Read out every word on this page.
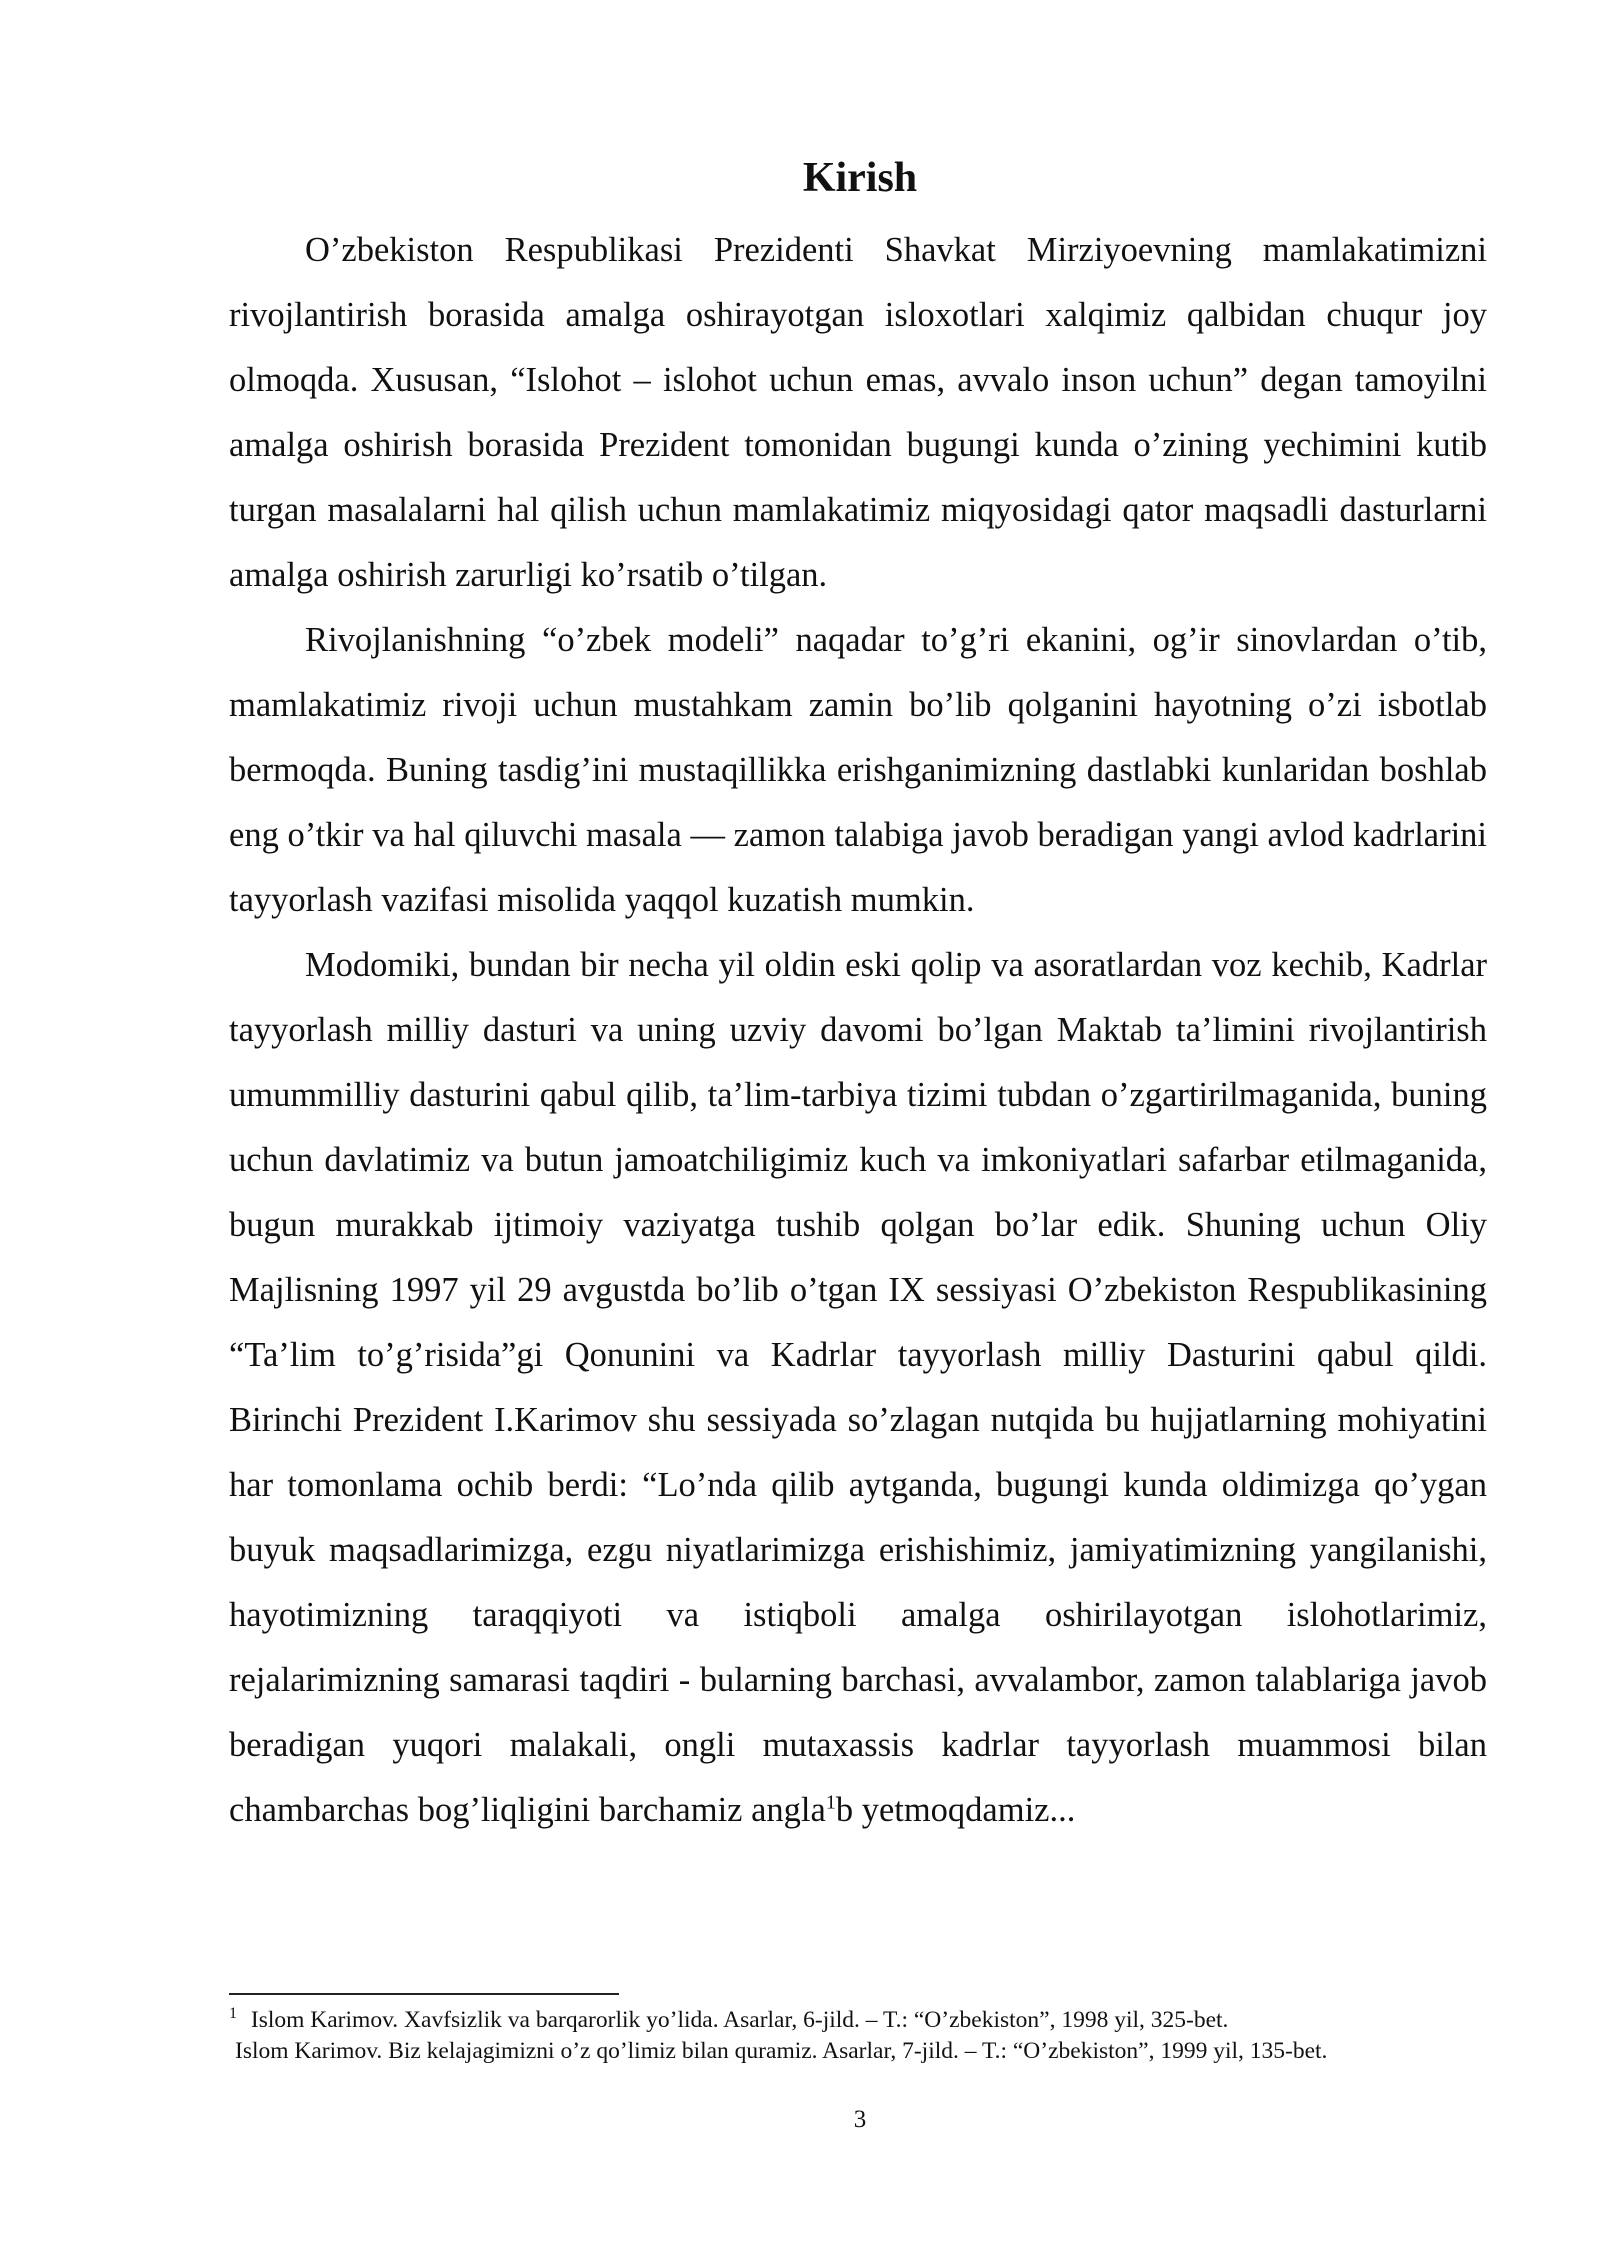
Kirish

O’zbekiston Respublikasi Prezidenti Shavkat Mirziyoevning mamlakatimizni rivojlantirish borasida amalga oshirayotgan isloxotlari xalqimiz qalbidan chuqur joy olmoqda. Xususan, “Islohot – islohot uchun emas, avvalo inson uchun” degan tamoyilni amalga oshirish borasida Prezident tomonidan bugungi kunda o’zining yechimini kutib turgan masalalarni hal qilish uchun mamlakatimiz miqyosidagi qator maqsadli dasturlarni amalga oshirish zarurligi ko’rsatib o’tilgan.

Rivojlanishning “o’zbek modeli” naqadar to’g’ri ekanini, og’ir sinovlardan o’tib, mamlakatimiz rivoji uchun mustahkam zamin bo’lib qolganini hayotning o’zi isbotlab bermoqda. Buning tasdig’ini mustaqillikka erishganimizning dastlabki kunlaridan boshlab eng o’tkir va hal qiluvchi masala — zamon talabiga javob beradigan yangi avlod kadrlarini tayyorlash vazifasi misolida yaqqol kuzatish mumkin.

Modomiki, bundan bir necha yil oldin eski qolip va asoratlardan voz kechib, Kadrlar tayyorlash milliy dasturi va uning uzviy davomi bo’lgan Maktab ta’limini rivojlantirish umummilliy dasturini qabul qilib, ta’lim-tarbiya tizimi tubdan o’zgartirilmaganida, buning uchun davlatimiz va butun jamoatchiligimiz kuch va imkoniyatlari safarbar etilmaganida, bugun murakkab ijtimoiy vaziyatga tushib qolgan bo’lar edik. Shuning uchun Oliy Majlisning 1997 yil 29 avgustda bo’lib o’tgan IX sessiyasi O’zbekiston Respublikasining “Ta’lim to’g’risida”gi Qonunini va Kadrlar tayyorlash milliy Dasturini qabul qildi. Birinchi Prezident I.Karimov shu sessiyada so’zlagan nutqida bu hujjatlarning mohiyatini har tomonlama ochib berdi: “Lo’nda qilib aytganda, bugungi kunda oldimizga qo’ygan buyuk maqsadlarimizga, ezgu niyatlarimizga erishishimiz, jamiyatimizning yangilanishi, hayotimizning taraqqiyoti va istiqboli amalga oshirilayotgan islohotlarimiz, rejalarimizning samarasi taqdiri - bularning barchasi, avvalambor, zamon talablariga javob beradigan yuqori malakali, ongli mutaxassis kadrlar tayyorlash muammosi bilan chambarchas bog’liqligini barchamiz angla$^1$b yetmoqdamiz...

$^1$ Islom Karimov. Xavfsizlik va barqarorlik yo’lida. Asarlar, 6-jild. – T.: “O’zbekiston”, 1998 yil, 325-bet.

Islom Karimov. Biz kelajagimizni o’z qo’limiz bilan quramiz. Asarlar, 7-jild. – T.: “O’zbekiston”, 1999 yil, 135-bet.

3
